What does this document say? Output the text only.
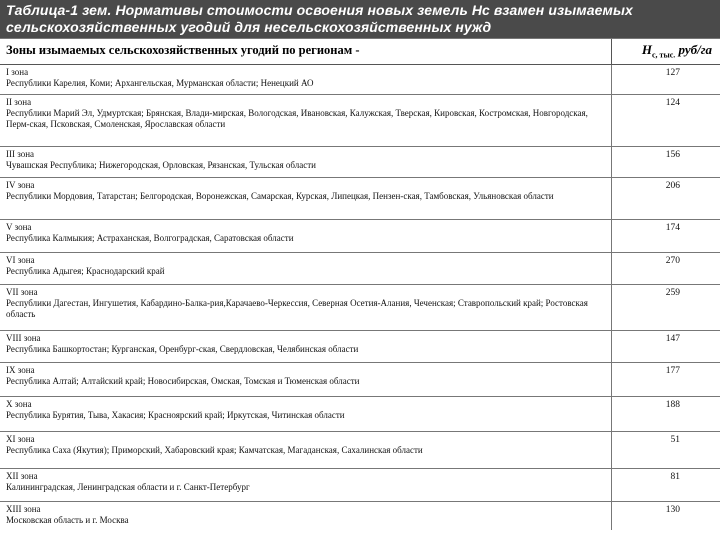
Таблица-1 зем. Нормативы стоимости освоения новых земель Нс взамен изымаемых сельскохозяйственных угодий для несельскохозяйственных нужд
Зоны изымаемых сельскохозяйственных угодий по регионам -	$Н_{с, тыс.}$ руб/га
I зона
Республики Карелия, Коми; Архангельская, Мурманская области; Ненецкий АО
127
II зона
Республики Марий Эл, Удмуртская; Брянская, Влади-мирская, Вологодская, Ивановская, Калужская, Тверская, Кировская, Костромская, Новгородская, Перм-ская, Псковская, Смоленская, Ярославская области
124
III зона
Чувашская Республика; Нижегородская, Орловская, Рязанская, Тульская области
156
IV зона
Республики Мордовия, Татарстан; Белгородская, Воронежская, Самарская, Курская, Липецкая, Пензен-ская, Тамбовская, Ульяновская области
206
V зона
Республика Калмыкия; Астраханская, Волгоградская, Саратовская области
174
VI зона
Республика Адыгея; Краснодарский край
270
VII зона
Республики Дагестан, Ингушетия, Кабардино-Балка-рия,Карачаево-Черкессия, Северная Осетия-Алания, Чеченская; Ставропольский край; Ростовская область
259
VIII зона
Республика Башкортостан; Курганская, Оренбург-ская, Свердловская, Челябинская области
147
IX зона
Республика Алтай; Алтайский край; Новосибирская, Омская, Томская и Тюменская области
177
X зона
Республика Бурятия, Тыва, Хакасия; Красноярский край; Иркутская, Читинская области
188
XI зона
Республика Саха (Якутия); Приморский, Хабаровский края; Камчатская, Магаданская, Сахалинская области
51
XII зона
Калининградская, Ленинградская области и г. Санкт-Петербург
81
XIII зона
Московская область и г. Москва
130
